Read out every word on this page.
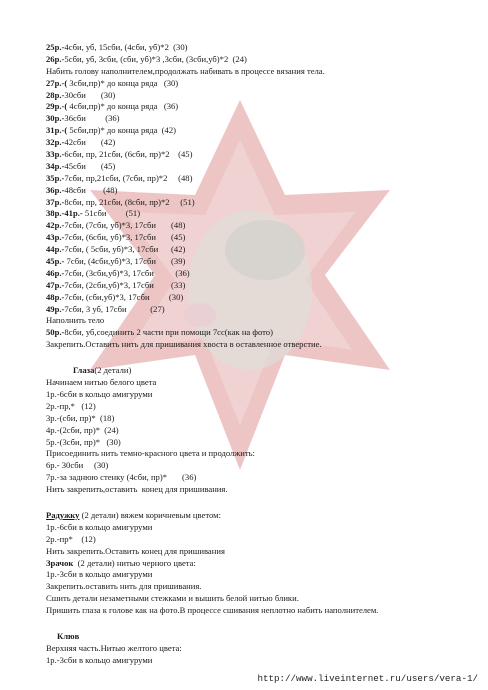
25р.-4сби, уб, 15сби, (4сби, уб)*2  (30)
26р.-5сби, уб, 3сби, (сби, уб)*3 ,3сби, (3сби,уб)*2  (24)
Набить голову наполнителем,продолжать набивать в процессе вязания тела.
27р.-( 3сби,пр)* до конца ряда   (30)
28р.-30сби       (30)
29р.-( 4сби,пр)* до конца ряда   (36)
30р.-36сби         (36)
31р.-( 5сби,пр)* до конца ряда  (42)
32р.-42сби       (42)
33р.-6сби, пр, 21сби, (6сби, пр)*2    (45)
34р.-45сби       (45)
35р.-7сби, пр,21сби, (7сби, пр)*2     (48)
36р.-48сби        (48)
37р.-8сби, пр, 21сби, (8сби, пр)*2     (51)
38р.-41р.- 51сби         (51)
42р.-7сби, (7сби, уб)*3, 17сби       (48)
43р.-7сби, (6сби, уб)*3, 17сби       (45)
44р.-7сби, ( 5сби, уб)*3, 17сби      (42)
45р.- 7сби, (4сби,уб)*3, 17сби       (39)
46р.-7сби, (3сби,уб)*3, 17сби          (36)
47р.-7сби, (2сби,уб)*3, 17сби        (33)
48р.-7сби, (сби,уб)*3, 17сби         (30)
49р.-7сби, 3 уб, 17сби           (27)
Наполнить тело
50р.-8сби, уб,соединить 2 части при помощи 7сс(как на фото)
Закрепить.Оставить нить для пришивания хвоста в оставленное отверстие.
Глаза(2 детали)
Начинаем нитью белого цвета
1р.-6сби в кольцо амигуруми
2р.-пр,*   (12)
3р.-(сби, пр)*  (18)
4р.-(2сби, пр)*  (24)
5р.-(3сби, пр)*   (30)
Присоединить нить темно-красного цвета и продолжить:
6р.- 30сби     (30)
7р.-за заднюю стенку (4сби, пр)*       (36)
Нить закрепить,оставить  конец для пришивания.
Радужку (2 детали) вяжем коричневым цветом:
1р.-6сби в кольцо амигуруми
2р.-пр*    (12)
Нить закрепить.Оставить конец для пришивания
Зрачок  (2 детали) нитью черного цвета:
1р.-3сби в кольцо амигуруми
Закрепить.оставить нить для пришивания.
Сшить детали незаметными стежками и вышить белой нитью блики.
Пришить глаза к голове как на фото.В процессе сшивания неплотно набить наполнителем.
Клюв
Верхняя часть.Нитью желтого цвета:
1р.-3сби в кольцо амигуруми
http://www.liveinternet.ru/users/vera-1/
